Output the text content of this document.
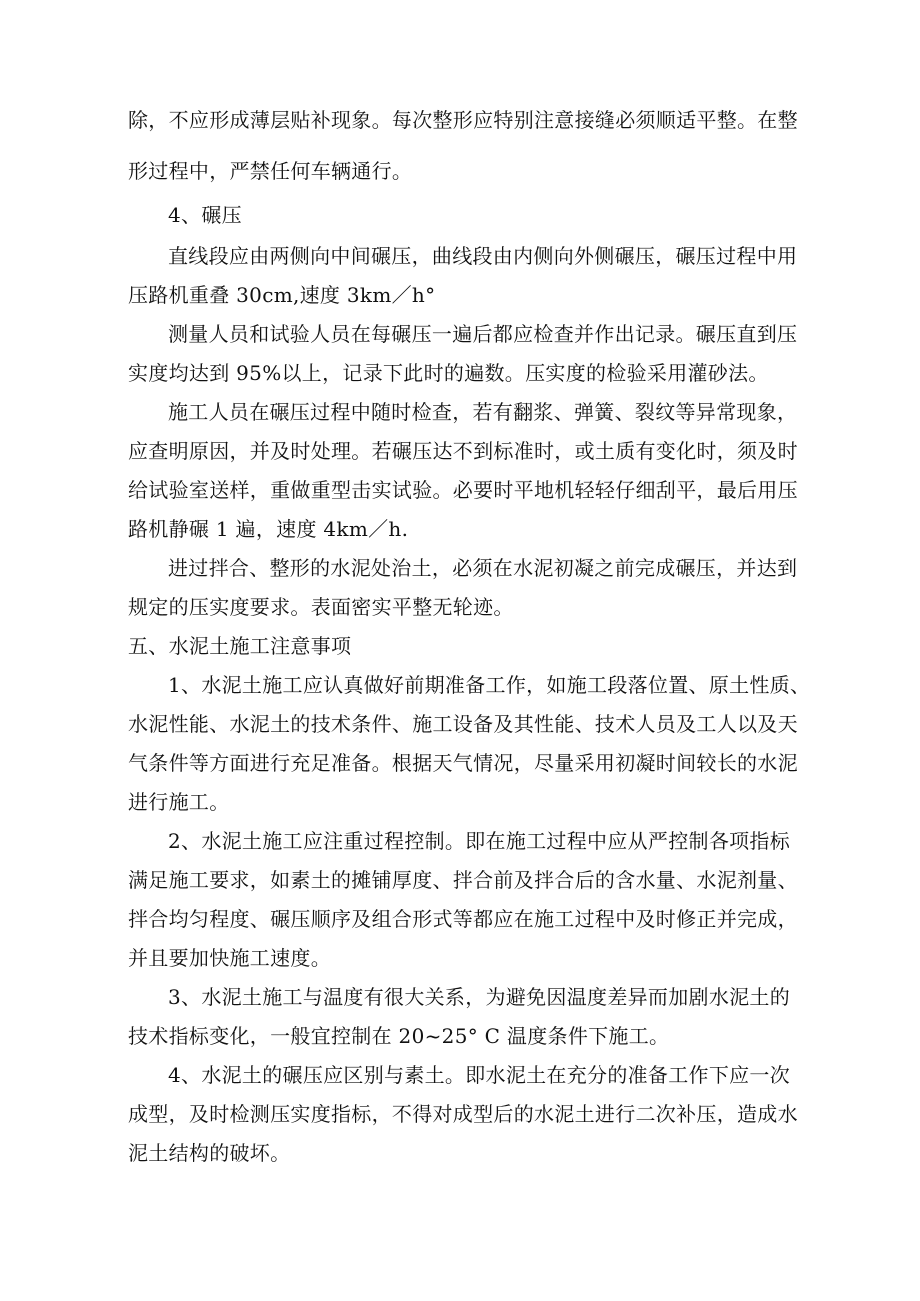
除，不应形成薄层贴补现象。每次整形应特别注意接缝必须顺适平整。在整
形过程中，严禁任何车辆通行。
4、碾压
直线段应由两侧向中间碾压，曲线段由内侧向外侧碾压，碾压过程中用
压路机重叠 30cm,速度 3km／h°
测量人员和试验人员在每碾压一遍后都应检查并作出记录。碾压直到压
实度均达到 95%以上，记录下此时的遍数。压实度的检验采用灌砂法。
施工人员在碾压过程中随时检查，若有翻浆、弹簧、裂纹等异常现象，
应查明原因，并及时处理。若碾压达不到标准时，或土质有变化时，须及时
给试验室送样，重做重型击实试验。必要时平地机轻轻仔细刮平，最后用压
路机静碾 1 遍，速度 4km／h.
进过拌合、整形的水泥处治土，必须在水泥初凝之前完成碾压，并达到
规定的压实度要求。表面密实平整无轮迹。
五、水泥土施工注意事项
1、水泥土施工应认真做好前期准备工作，如施工段落位置、原土性质、
水泥性能、水泥土的技术条件、施工设备及其性能、技术人员及工人以及天
气条件等方面进行充足准备。根据天气情况，尽量采用初凝时间较长的水泥
进行施工。
2、水泥土施工应注重过程控制。即在施工过程中应从严控制各项指标
满足施工要求，如素土的摊铺厚度、拌合前及拌合后的含水量、水泥剂量、
拌合均匀程度、碾压顺序及组合形式等都应在施工过程中及时修正并完成，
并且要加快施工速度。
3、水泥土施工与温度有很大关系，为避免因温度差异而加剧水泥土的
技术指标变化，一般宜控制在 20~25° C 温度条件下施工。
4、水泥土的碾压应区别与素土。即水泥土在充分的准备工作下应一次
成型，及时检测压实度指标，不得对成型后的水泥土进行二次补压，造成水
泥土结构的破坏。
